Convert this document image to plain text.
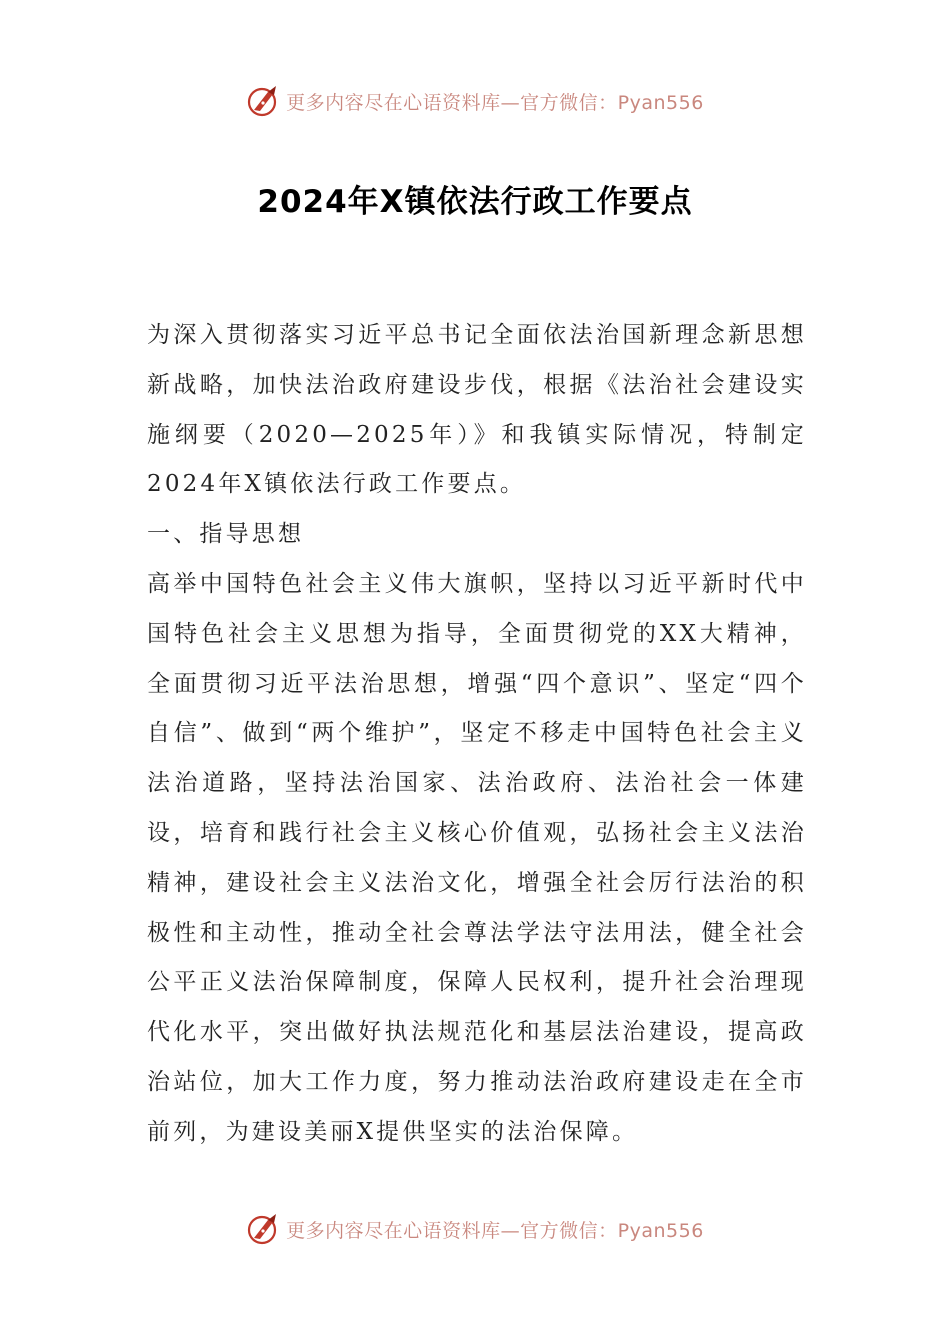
更多内容尽在心语资料库—官方微信：Pyan556
2024年X镇依法行政工作要点

为深入贯彻落实习近平总书记全面依法治国新理念新思想新战略，加快法治政府建设步伐，根据《法治社会建设实施纲要（2020—2025年）》和我镇实际情况，特制定2024年X镇依法行政工作要点。

一、指导思想

高举中国特色社会主义伟大旗帜，坚持以习近平新时代中国特色社会主义思想为指导，全面贯彻党的XX大精神，全面贯彻习近平法治思想，增强“四个意识”、坚定“四个自信”、做到“两个维护”，坚定不移走中国特色社会主义法治道路，坚持法治国家、法治政府、法治社会一体建设，培育和践行社会主义核心价值观，弘扬社会主义法治精神，建设社会主义法治文化，增强全社会厉行法治的积极性和主动性，推动全社会尊法学法守法用法，健全社会公平正义法治保障制度，保障人民权利，提升社会治理现代化水平，突出做好执法规范化和基层法治建设，提高政治站位，加大工作力度，努力推动法治政府建设走在全市前列，为建设美丽X提供坚实的法治保障。

更多内容尽在心语资料库—官方微信：Pyan556
